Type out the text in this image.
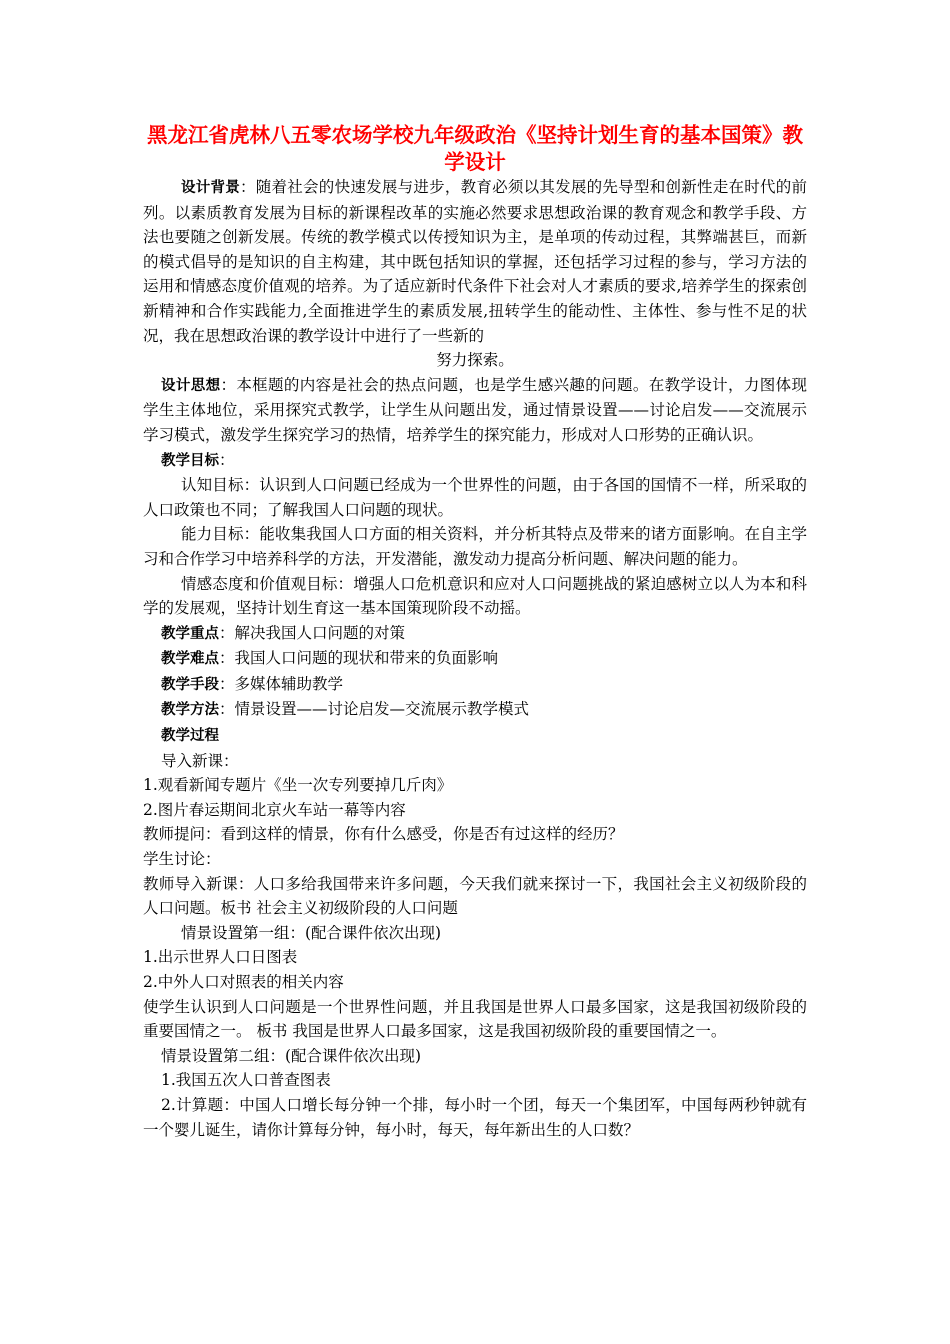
黑龙江省虎林八五零农场学校九年级政治《坚持计划生育的基本国策》教学设计

设计背景：随着社会的快速发展与进步，教育必须以其发展的先导型和创新性走在时代的前列。以素质教育发展为目标的新课程改革的实施必然要求思想政治课的教育观念和教学手段、方法也要随之创新发展。传统的教学模式以传授知识为主，是单项的传动过程，其弊端甚巨，而新的模式倡导的是知识的自主构建，其中既包括知识的掌握，还包括学习过程的参与，学习方法的运用和情感态度价值观的培养。为了适应新时代条件下社会对人才素质的要求,培养学生的探索创新精神和合作实践能力,全面推进学生的素质发展,扭转学生的能动性、主体性、参与性不足的状况，我在思想政治课的教学设计中进行了一些新的

努力探索。

设计思想：本框题的内容是社会的热点问题，也是学生感兴趣的问题。在教学设计，力图体现学生主体地位，采用探究式教学，让学生从问题出发，通过情景设置——讨论启发——交流展示学习模式，激发学生探究学习的热情，培养学生的探究能力，形成对人口形势的正确认识。

教学目标：

认知目标：认识到人口问题已经成为一个世界性的问题，由于各国的国情不一样，所采取的人口政策也不同；了解我国人口问题的现状。

能力目标：能收集我国人口方面的相关资料，并分析其特点及带来的诸方面影响。在自主学习和合作学习中培养科学的方法，开发潜能，激发动力提高分析问题、解决问题的能力。

情感态度和价值观目标：增强人口危机意识和应对人口问题挑战的紧迫感树立以人为本和科学的发展观，坚持计划生育这一基本国策现阶段不动摇。

教学重点：解决我国人口问题的对策

教学难点：我国人口问题的现状和带来的负面影响

教学手段：多媒体辅助教学

教学方法：情景设置——讨论启发—交流展示教学模式

教学过程

导入新课：

1.观看新闻专题片《坐一次专列要掉几斤肉》

2.图片春运期间北京火车站一幕等内容

教师提问：看到这样的情景，你有什么感受，你是否有过这样的经历？

学生讨论：

教师导入新课：人口多给我国带来许多问题，今天我们就来探讨一下，我国社会主义初级阶段的人口问题。板书 社会主义初级阶段的人口问题

情景设置第一组：(配合课件依次出现)

1.出示世界人口日图表

2.中外人口对照表的相关内容

使学生认识到人口问题是一个世界性问题，并且我国是世界人口最多国家，这是我国初级阶段的重要国情之一。 板书 我国是世界人口最多国家，这是我国初级阶段的重要国情之一。

情景设置第二组：(配合课件依次出现)

1.我国五次人口普查图表

2.计算题：中国人口增长每分钟一个排，每小时一个团，每天一个集团军，中国每两秒钟就有一个婴儿诞生，请你计算每分钟，每小时，每天，每年新出生的人口数？
